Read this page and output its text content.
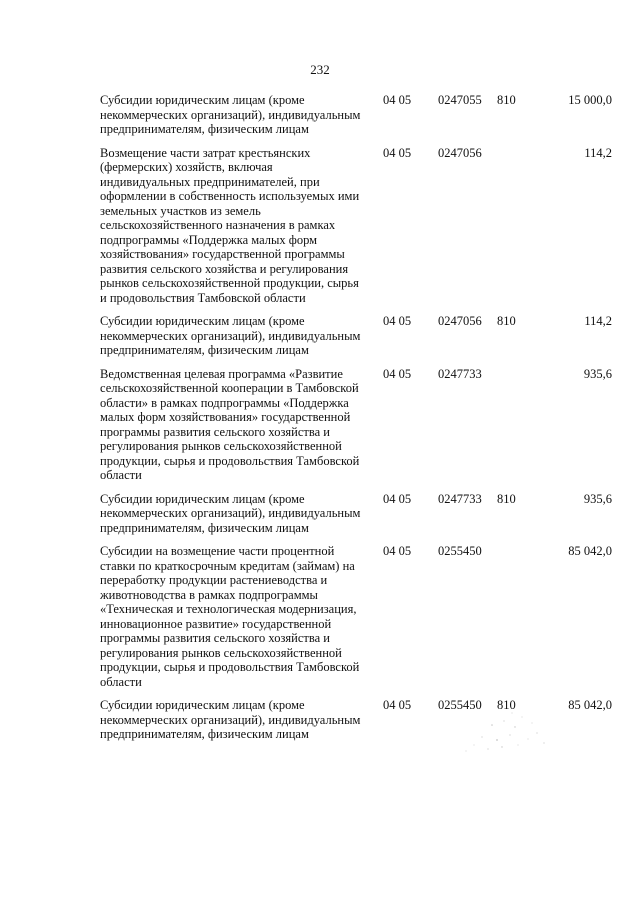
232
Субсидии юридическим лицам (кроме некоммерческих организаций), индивидуальным предпринимателям, физическим лицам
04 05 0247055 810	15 000,0
Возмещение части затрат крестьянских (фермерских) хозяйств, включая индивидуальных предпринимателей, при оформлении в собственность используемых ими земельных участков из земель сельскохозяйственного назначения в рамках подпрограммы «Поддержка малых форм хозяйствования» государственной программы развития сельского хозяйства и регулирования рынков сельскохозяйственной продукции, сырья и продовольствия Тамбовской области
04 05 0247056	114,2
Субсидии юридическим лицам (кроме некоммерческих организаций), индивидуальным предпринимателям, физическим лицам
04 05 0247056 810	114,2
Ведомственная целевая программа «Развитие сельскохозяйственной кооперации в Тамбовской области» в рамках подпрограммы «Поддержка малых форм хозяйствования» государственной программы развития сельского хозяйства и регулирования рынков сельскохозяйственной продукции, сырья и продовольствия Тамбовской области
04 05 0247733	935,6
Субсидии юридическим лицам (кроме некоммерческих организаций), индивидуальным предпринимателям, физическим лицам
04 05 0247733 810	935,6
Субсидии на возмещение части процентной ставки по краткосрочным кредитам (займам) на переработку продукции растениеводства и животноводства в рамках подпрограммы «Техническая и технологическая модернизация, инновационное развитие» государственной программы развития сельского хозяйства и регулирования рынков сельскохозяйственной продукции, сырья и продовольствия Тамбовской области
04 05 0255450	85 042,0
Субсидии юридическим лицам (кроме некоммерческих организаций), индивидуальным предпринимателям, физическим лицам
04 05 0255450 810	85 042,0
